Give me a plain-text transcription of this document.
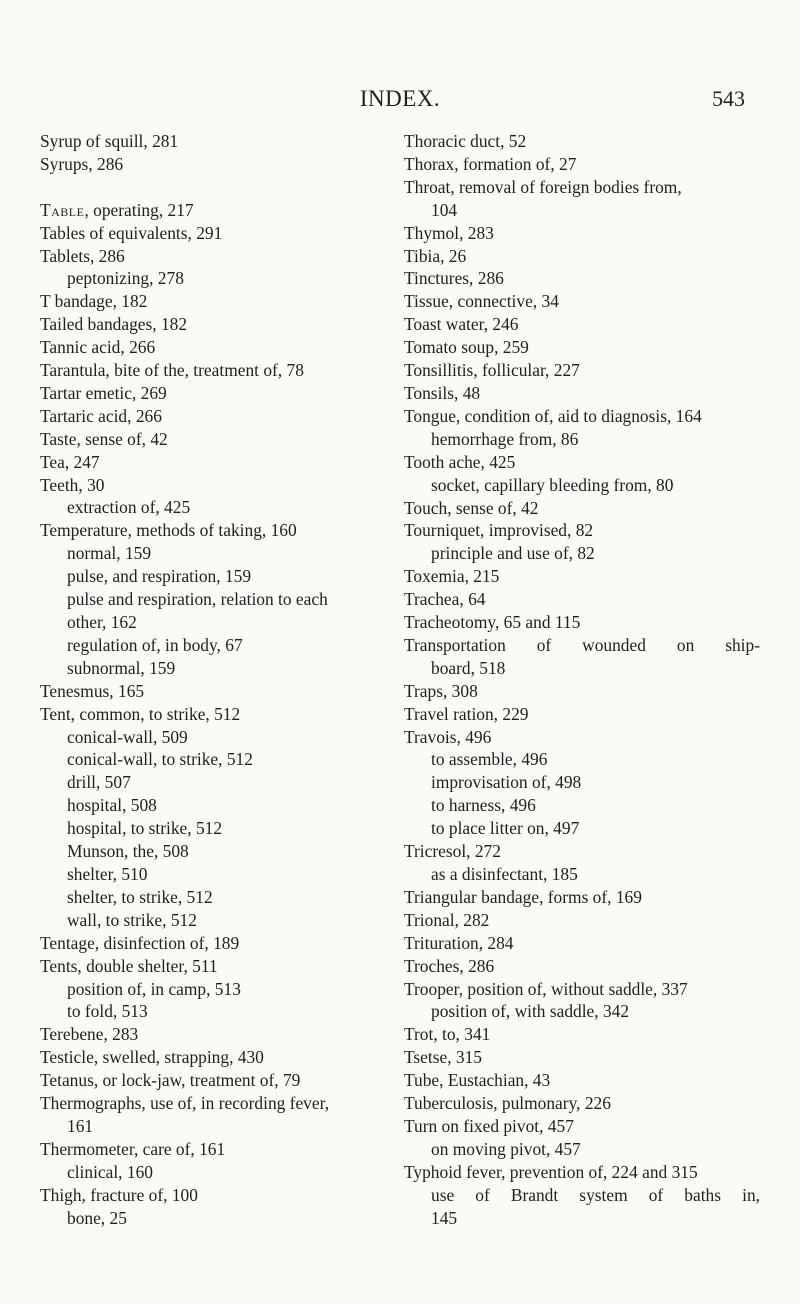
INDEX.	543
Syrup of squill, 281
Syrups, 286
Table, operating, 217
Tables of equivalents, 291
Tablets, 286
peptonizing, 278
T bandage, 182
Tailed bandages, 182
Tannic acid, 266
Tarantula, bite of the, treatment of, 78
Tartar emetic, 269
Tartaric acid, 266
Taste, sense of, 42
Tea, 247
Teeth, 30
extraction of, 425
Temperature, methods of taking, 160
normal, 159
pulse, and respiration, 159
pulse and respiration, relation to each
other, 162
regulation of, in body, 67
subnormal, 159
Tenesmus, 165
Tent, common, to strike, 512
conical-wall, 509
conical-wall, to strike, 512
drill, 507
hospital, 508
hospital, to strike, 512
Munson, the, 508
shelter, 510
shelter, to strike, 512
wall, to strike, 512
Tentage, disinfection of, 189
Tents, double shelter, 511
position of, in camp, 513
to fold, 513
Terebene, 283
Testicle, swelled, strapping, 430
Tetanus, or lock-jaw, treatment of, 79
Thermographs, use of, in recording fever,
161
Thermometer, care of, 161
clinical, 160
Thigh, fracture of, 100
bone, 25
Thoracic duct, 52
Thorax, formation of, 27
Throat, removal of foreign bodies from,
104
Thymol, 283
Tibia, 26
Tinctures, 286
Tissue, connective, 34
Toast water, 246
Tomato soup, 259
Tonsillitis, follicular, 227
Tonsils, 48
Tongue, condition of, aid to diagnosis, 164
hemorrhage from, 86
Tooth ache, 425
socket, capillary bleeding from, 80
Touch, sense of, 42
Tourniquet, improvised, 82
principle and use of, 82
Toxemia, 215
Trachea, 64
Tracheotomy, 65 and 115
Transportation of wounded on ship-
board, 518
Traps, 308
Travel ration, 229
Travois, 496
to assemble, 496
improvisation of, 498
to harness, 496
to place litter on, 497
Tricresol, 272
as a disinfectant, 185
Triangular bandage, forms of, 169
Trional, 282
Trituration, 284
Troches, 286
Trooper, position of, without saddle, 337
position of, with saddle, 342
Trot, to, 341
Tsetse, 315
Tube, Eustachian, 43
Tuberculosis, pulmonary, 226
Turn on fixed pivot, 457
on moving pivot, 457
Typhoid fever, prevention of, 224 and 315
use of Brandt system of baths in,
145
